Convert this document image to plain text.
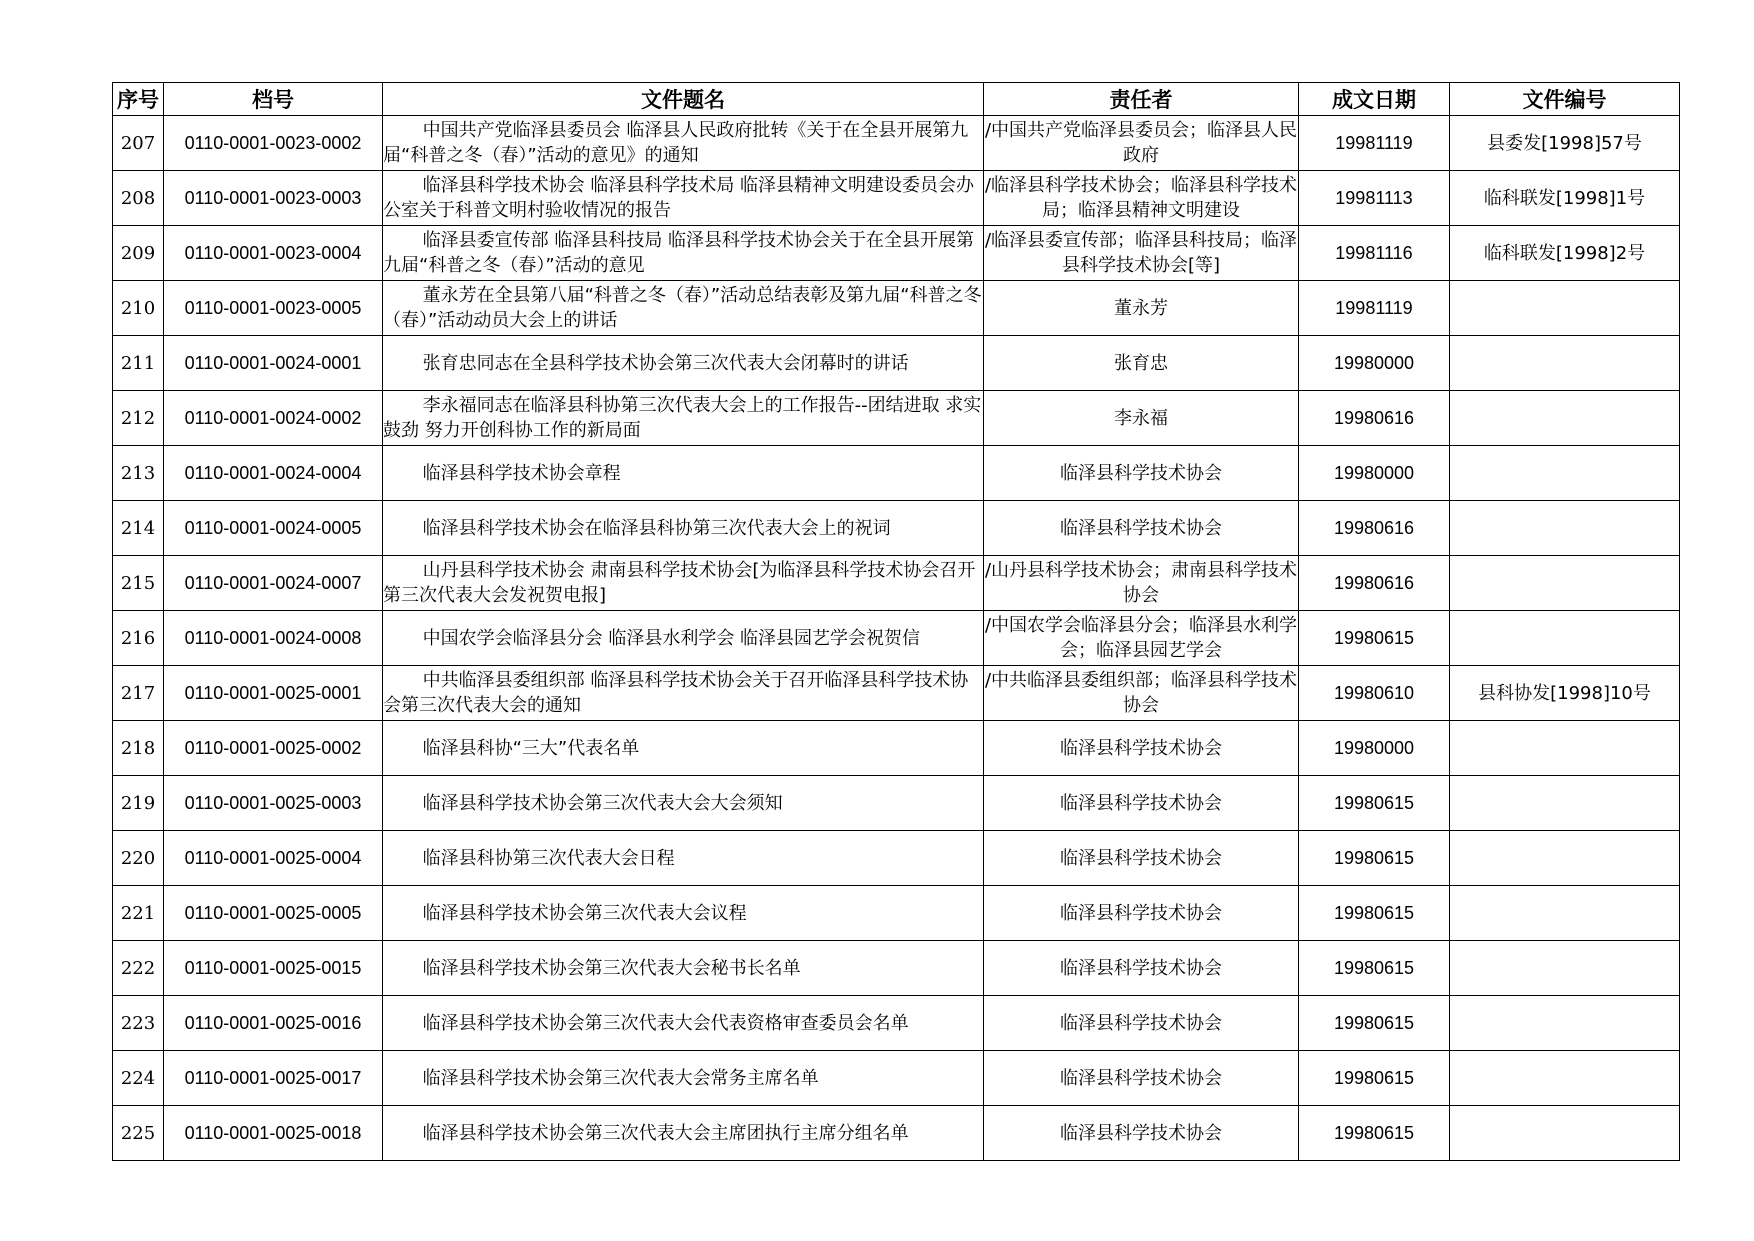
序号	档号	文件题名	责任者	成文日期	文件编号
207	0110-0001-0023-0002	中国共产党临泽县委员会 临泽县人民政府批转《关于在全县开展第九届“科普之冬（春）”活动的意见》的通知	/中国共产党临泽县委员会；临泽县人民政府	19981119	县委发[1998]57号
208	0110-0001-0023-0003	临泽县科学技术协会 临泽县科学技术局 临泽县精神文明建设委员会办公室关于科普文明村验收情况的报告	/临泽县科学技术协会；临泽县科学技术局；临泽县精神文明建设	19981113	临科联发[1998]1号
209	0110-0001-0023-0004	临泽县委宣传部 临泽县科技局 临泽县科学技术协会关于在全县开展第九届“科普之冬（春）”活动的意见	/临泽县委宣传部；临泽县科技局；临泽县科学技术协会[等]	19981116	临科联发[1998]2号
210	0110-0001-0023-0005	董永芳在全县第八届“科普之冬（春）”活动总结表彰及第九届“科普之冬（春）”活动动员大会上的讲话	董永芳	19981119	
211	0110-0001-0024-0001	张育忠同志在全县科学技术协会第三次代表大会闭幕时的讲话	张育忠	19980000	
212	0110-0001-0024-0002	李永福同志在临泽县科协第三次代表大会上的工作报告--团结进取 求实鼓劲 努力开创科协工作的新局面	李永福	19980616	
213	0110-0001-0024-0004	临泽县科学技术协会章程	临泽县科学技术协会	19980000	
214	0110-0001-0024-0005	临泽县科学技术协会在临泽县科协第三次代表大会上的祝词	临泽县科学技术协会	19980616	
215	0110-0001-0024-0007	山丹县科学技术协会 肃南县科学技术协会[为临泽县科学技术协会召开第三次代表大会发祝贺电报]	/山丹县科学技术协会；肃南县科学技术协会	19980616	
216	0110-0001-0024-0008	中国农学会临泽县分会 临泽县水利学会 临泽县园艺学会祝贺信	/中国农学会临泽县分会；临泽县水利学会；临泽县园艺学会	19980615	
217	0110-0001-0025-0001	中共临泽县委组织部 临泽县科学技术协会关于召开临泽县科学技术协会第三次代表大会的通知	/中共临泽县委组织部；临泽县科学技术协会	19980610	县科协发[1998]10号
218	0110-0001-0025-0002	临泽县科协“三大”代表名单	临泽县科学技术协会	19980000	
219	0110-0001-0025-0003	临泽县科学技术协会第三次代表大会大会须知	临泽县科学技术协会	19980615	
220	0110-0001-0025-0004	临泽县科协第三次代表大会日程	临泽县科学技术协会	19980615	
221	0110-0001-0025-0005	临泽县科学技术协会第三次代表大会议程	临泽县科学技术协会	19980615	
222	0110-0001-0025-0015	临泽县科学技术协会第三次代表大会秘书长名单	临泽县科学技术协会	19980615	
223	0110-0001-0025-0016	临泽县科学技术协会第三次代表大会代表资格审查委员会名单	临泽县科学技术协会	19980615	
224	0110-0001-0025-0017	临泽县科学技术协会第三次代表大会常务主席名单	临泽县科学技术协会	19980615	
225	0110-0001-0025-0018	临泽县科学技术协会第三次代表大会主席团执行主席分组名单	临泽县科学技术协会	19980615	
